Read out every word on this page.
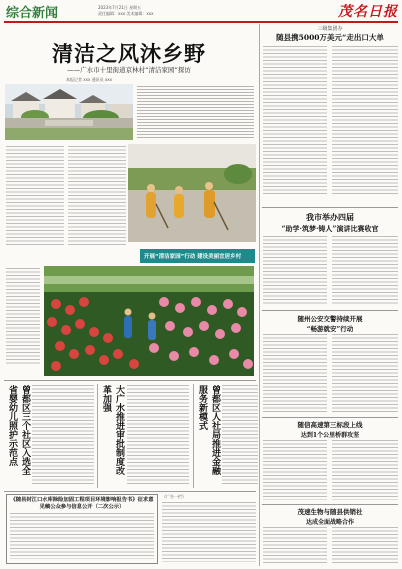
综合新闻	2023年7月21日 星期五
责任编辑：xxx 美术编辑：xxx	茂名日报
清洁之风沐乡野
——广水市十里街道京林村“清洁家园”探访
本报记者 xxx 通讯员 xxx
开展“清洁家园”行动 建设美丽宜居乡村
曾都区三个社区入选全省婴幼儿照护示范点	大广水推进审批制度改革加强	曾都区人社局推进金融服务新模式
《随县封江口水库除险加固工程项目环境影响报告书》征求意见稿公众参与信息公开（二次公示）
《广告一栏》
三级集团办
随县携5000万美元“走出口大单
我市举办四届
“助学·筑梦·铸人”演讲比赛收官
随州公安交警持续开展
“畅游就安”行动
随信高速第三标段上线
达到1个公里桥群攻坚
茂速生物与随县供销社
达成全面战略合作
